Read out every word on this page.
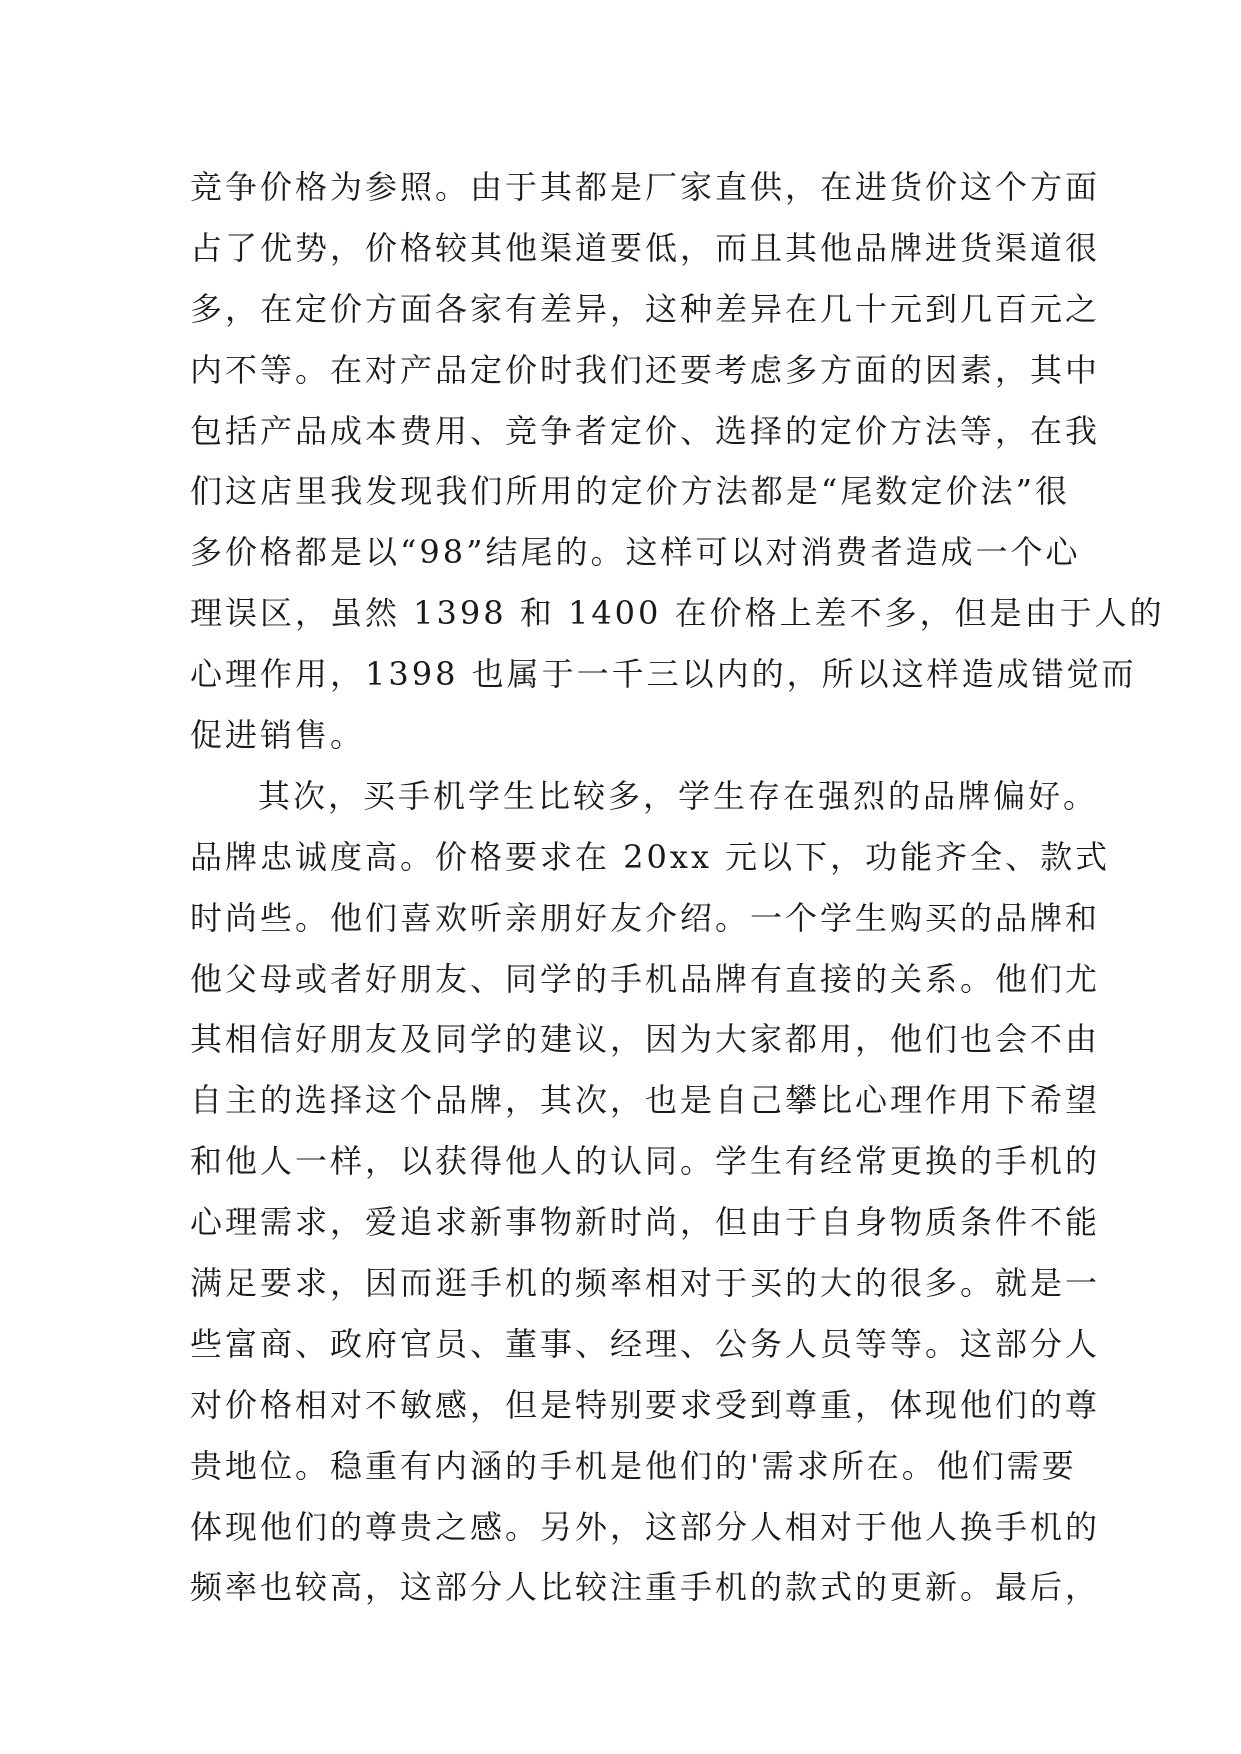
竞争价格为参照。由于其都是厂家直供，在进货价这个方面
占了优势，价格较其他渠道要低，而且其他品牌进货渠道很
多，在定价方面各家有差异，这种差异在几十元到几百元之
内不等。在对产品定价时我们还要考虑多方面的因素，其中
包括产品成本费用、竞争者定价、选择的定价方法等，在我
们这店里我发现我们所用的定价方法都是“尾数定价法”很
多价格都是以“98”结尾的。这样可以对消费者造成一个心
理误区，虽然 1398 和 1400 在价格上差不多，但是由于人的
心理作用，1398 也属于一千三以内的，所以这样造成错觉而
促进销售。
其次，买手机学生比较多，学生存在强烈的品牌偏好。
品牌忠诚度高。价格要求在 20xx 元以下，功能齐全、款式
时尚些。他们喜欢听亲朋好友介绍。一个学生购买的品牌和
他父母或者好朋友、同学的手机品牌有直接的关系。他们尤
其相信好朋友及同学的建议，因为大家都用，他们也会不由
自主的选择这个品牌，其次，也是自己攀比心理作用下希望
和他人一样，以获得他人的认同。学生有经常更换的手机的
心理需求，爱追求新事物新时尚，但由于自身物质条件不能
满足要求，因而逛手机的频率相对于买的大的很多。就是一
些富商、政府官员、董事、经理、公务人员等等。这部分人
对价格相对不敏感，但是特别要求受到尊重，体现他们的尊
贵地位。稳重有内涵的手机是他们的'需求所在。他们需要
体现他们的尊贵之感。另外，这部分人相对于他人换手机的
频率也较高，这部分人比较注重手机的款式的更新。最后，
